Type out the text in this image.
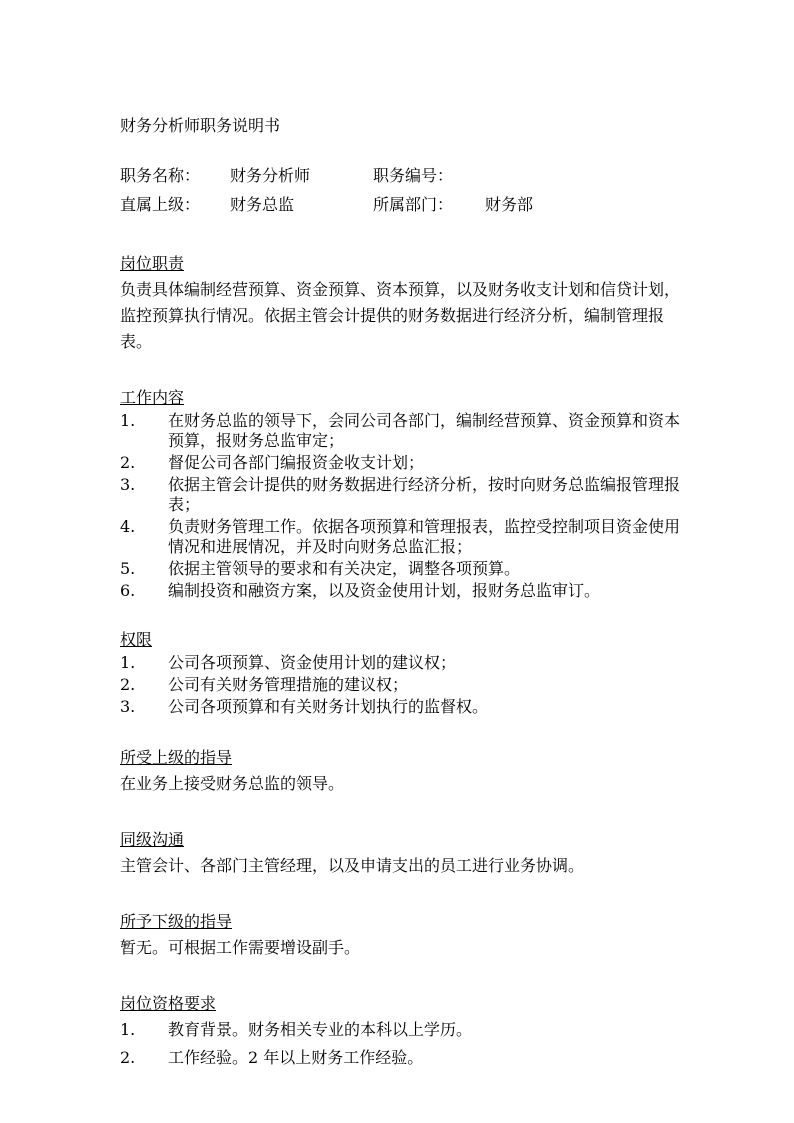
财务分析师职务说明书
职务名称： 财务分析师	职务编号：
直属上级： 财务总监	所属部门： 财务部
岗位职责

负责具体编制经营预算、资金预算、资本预算，以及财务收支计划和信贷计划，监控预算执行情况。依据主管会计提供的财务数据进行经济分析，编制管理报表。

工作内容
1. 在财务总监的领导下，会同公司各部门，编制经营预算、资金预算和资本预算，报财务总监审定；
2. 督促公司各部门编报资金收支计划；
3. 依据主管会计提供的财务数据进行经济分析，按时向财务总监编报管理报表；
4. 负责财务管理工作。依据各项预算和管理报表，监控受控制项目资金使用情况和进展情况，并及时向财务总监汇报；
5. 依据主管领导的要求和有关决定，调整各项预算。
6. 编制投资和融资方案，以及资金使用计划，报财务总监审订。
权限
1. 公司各项预算、资金使用计划的建议权；
2. 公司有关财务管理措施的建议权；
3. 公司各项预算和有关财务计划执行的监督权。
所受上级的指导

在业务上接受财务总监的领导。

同级沟通

主管会计、各部门主管经理，以及申请支出的员工进行业务协调。

所予下级的指导

暂无。可根据工作需要增设副手。

岗位资格要求
1. 教育背景。财务相关专业的本科以上学历。
2. 工作经验。2 年以上财务工作经验。
